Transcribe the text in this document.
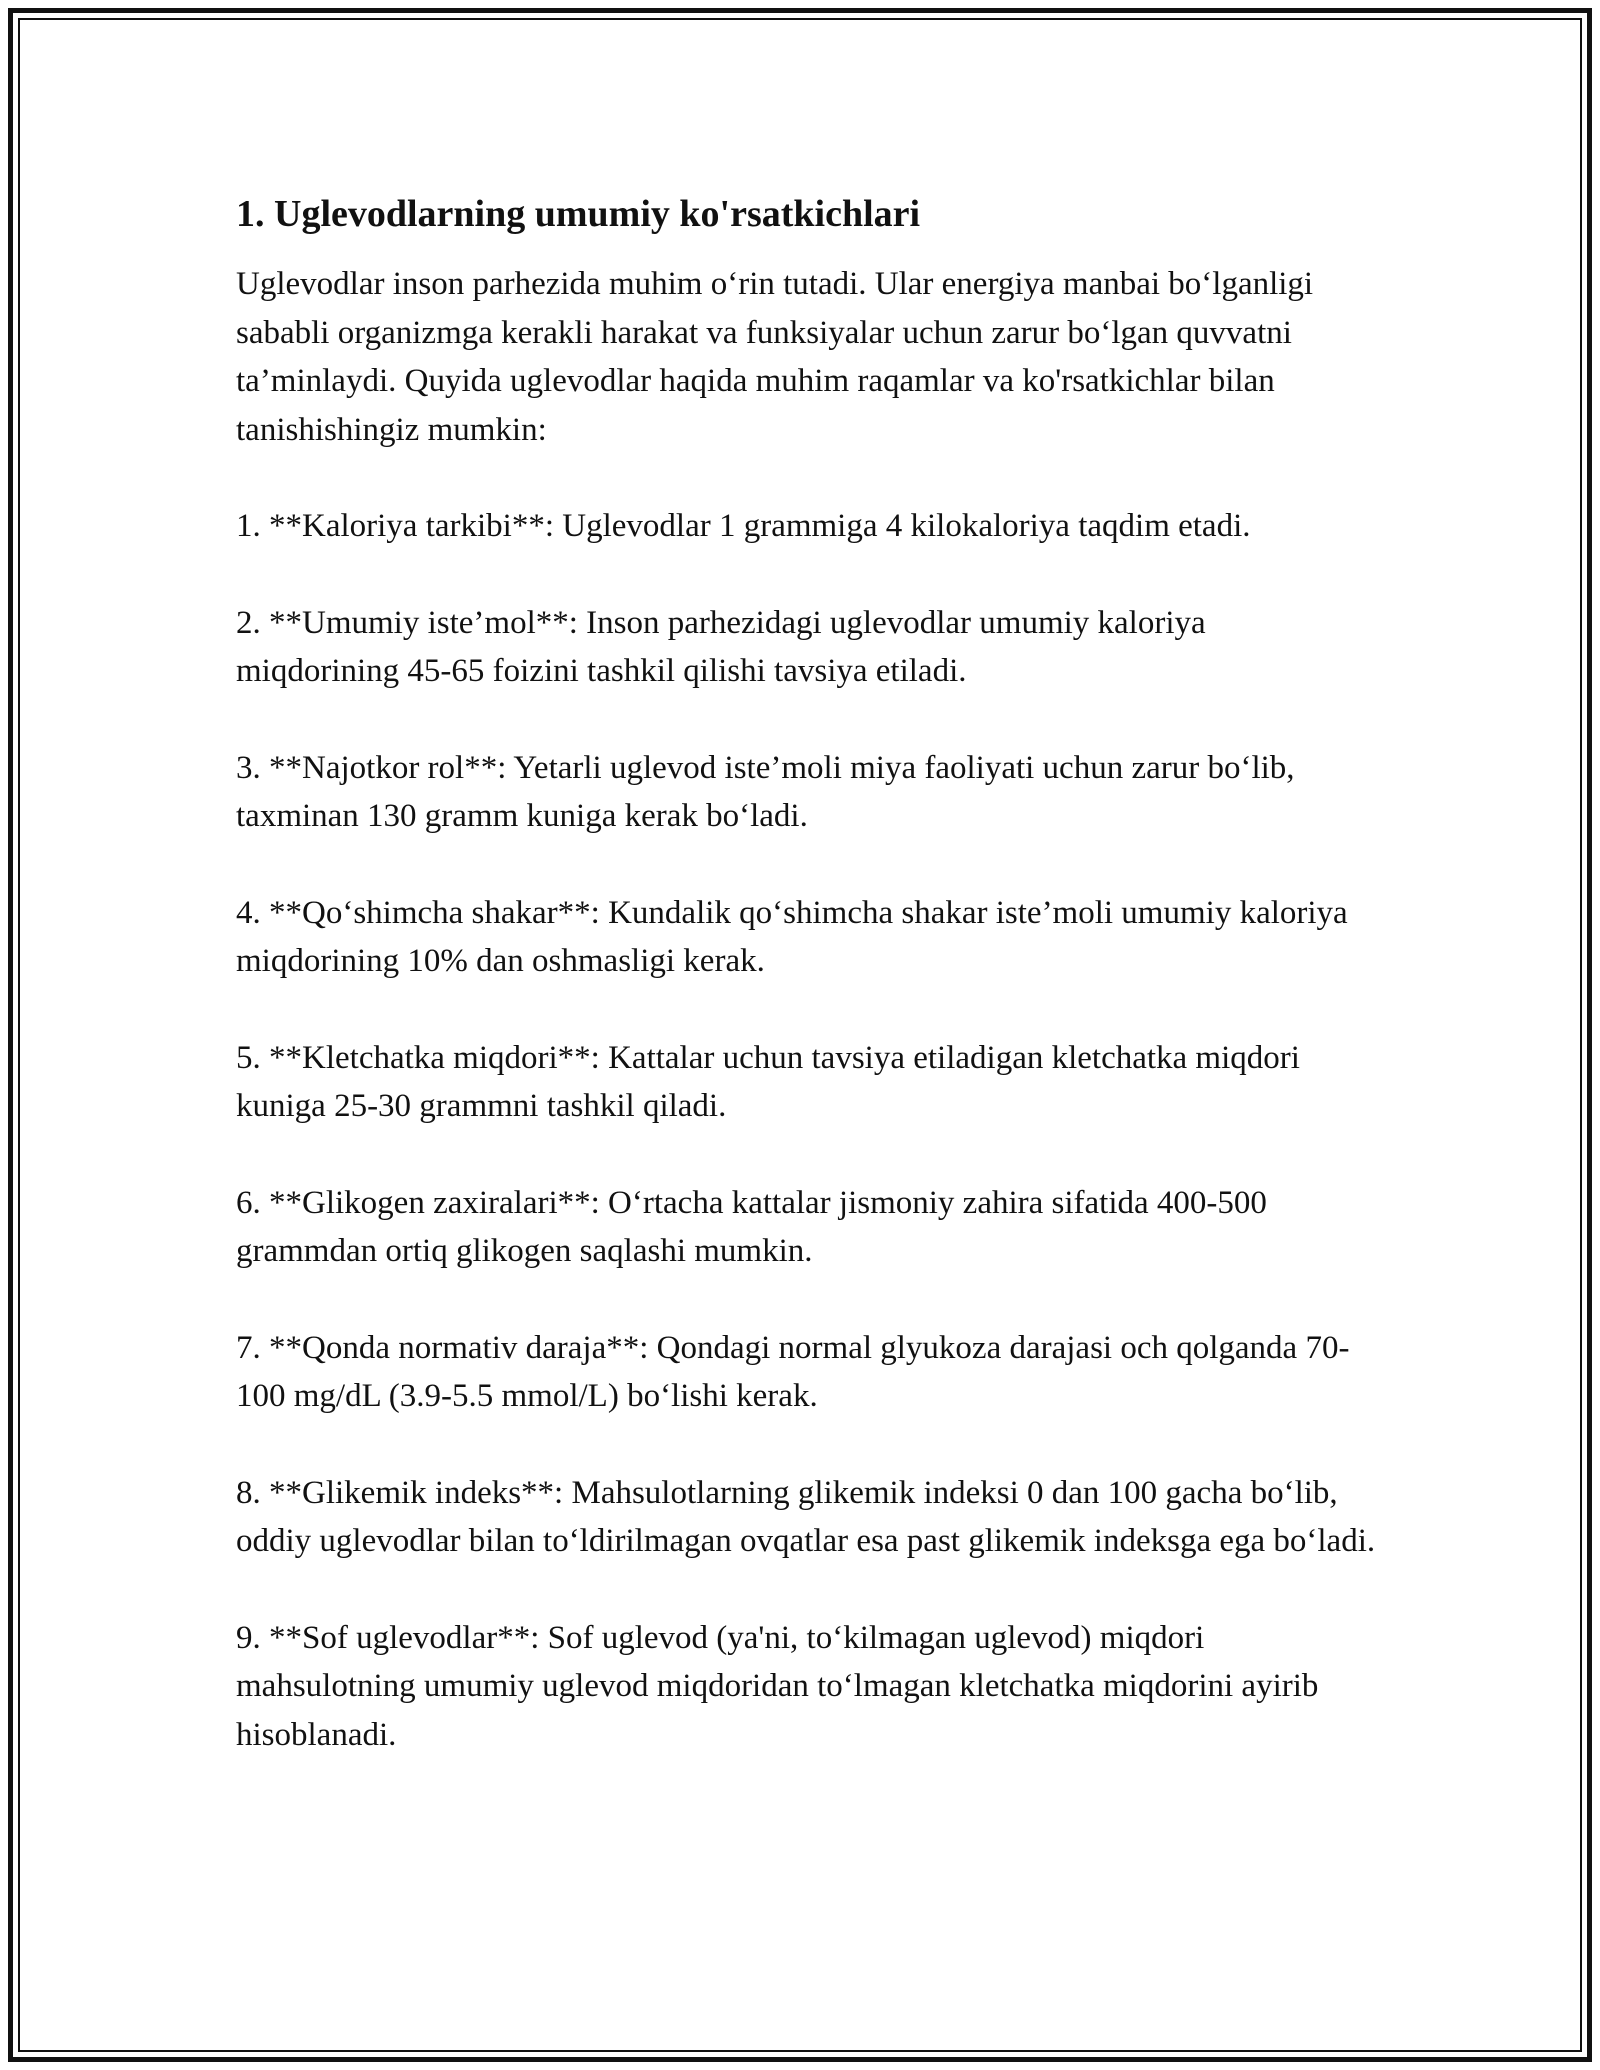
1. Uglevodlarning umumiy ko'rsatkichlari

Uglevodlar inson parhezida muhim o‘rin tutadi. Ular energiya manbai bo‘lganligi sababli organizmga kerakli harakat va funksiyalar uchun zarur bo‘lgan quvvatni ta’minlaydi. Quyida uglevodlar haqida muhim raqamlar va ko'rsatkichlar bilan tanishishingiz mumkin:

1. **Kaloriya tarkibi**: Uglevodlar 1 grammiga 4 kilokaloriya taqdim etadi.

2. **Umumiy iste’mol**: Inson parhezidagi uglevodlar umumiy kaloriya miqdorining 45-65 foizini tashkil qilishi tavsiya etiladi.

3. **Najotkor rol**: Yetarli uglevod iste’moli miya faoliyati uchun zarur bo‘lib, taxminan 130 gramm kuniga kerak bo‘ladi.

4. **Qo‘shimcha shakar**: Kundalik qo‘shimcha shakar iste’moli umumiy kaloriya miqdorining 10% dan oshmasligi kerak.

5. **Kletchatka miqdori**: Kattalar uchun tavsiya etiladigan kletchatka miqdori kuniga 25-30 grammni tashkil qiladi.

6. **Glikogen zaxiralari**: O‘rtacha kattalar jismoniy zahira sifatida 400-500 grammdan ortiq glikogen saqlashi mumkin.

7. **Qonda normativ daraja**: Qondagi normal glyukoza darajasi och qolganda 70-100 mg/dL (3.9-5.5 mmol/L) bo‘lishi kerak.

8. **Glikemik indeks**: Mahsulotlarning glikemik indeksi 0 dan 100 gacha bo‘lib, oddiy uglevodlar bilan to‘ldirilmagan ovqatlar esa past glikemik indeksga ega bo‘ladi.

9. **Sof uglevodlar**: Sof uglevod (ya'ni, to‘kilmagan uglevod) miqdori mahsulotning umumiy uglevod miqdoridan to‘lmagan kletchatka miqdorini ayirib hisoblanadi.
